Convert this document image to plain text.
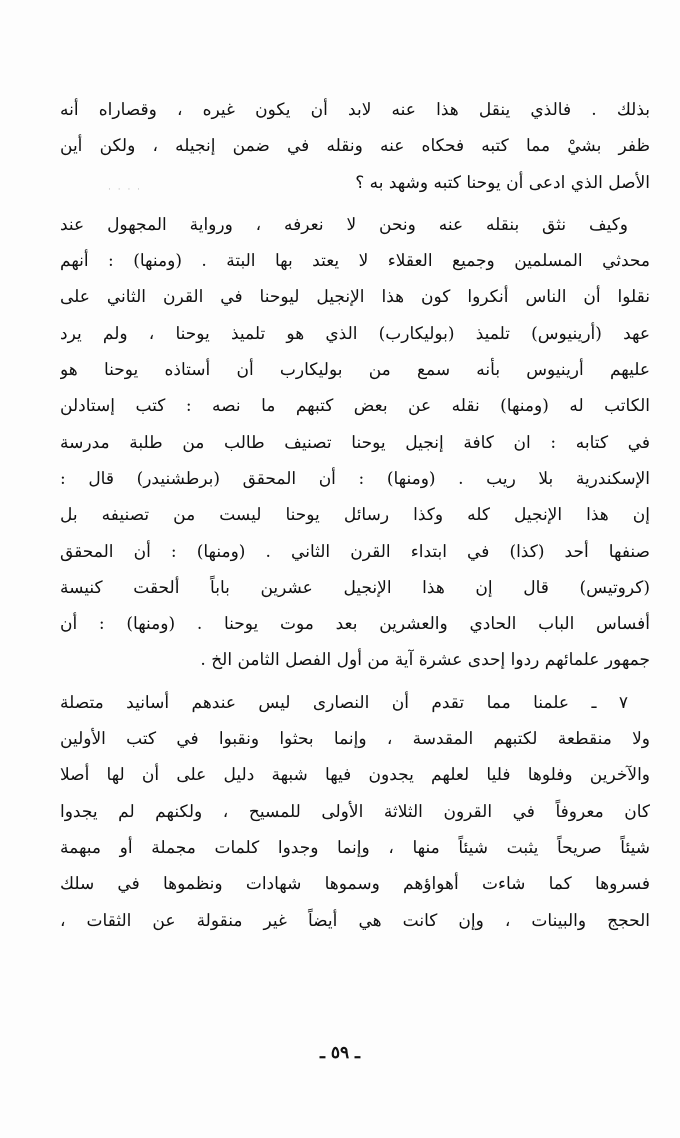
بذلك . فالذي ينقل هذا عنه لابد أن يكون غيره ، وقصاراه أنه
ظفر بشيْ مما كتبه فحكاه عنه ونقله في ضمن إنجيله ، ولكن أين
الأصل الذي ادعى أن يوحنا كتبه وشهد به ؟
وكيف نثق بنقله عنه ونحن لا نعرفه ، ورواية المجهول عند
محدثي المسلمين وجميع العقلاء لا يعتد بها البتة . (ومنها) : أنهم
نقلوا أن الناس أنكروا كون هذا الإنجيل ليوحنا في القرن الثاني على
عهد (أرينيوس) تلميذ (بوليكارب) الذي هو تلميذ يوحنا ، ولم يرد
عليهم أرينيوس بأنه سمع من بوليكارب أن أستاذه يوحنا هو
الكاتب له (ومنها) نقله عن بعض كتبهم ما نصه : كتب إستادلن
في كتابه : ان كافة إنجيل يوحنا تصنيف طالب من طلبة مدرسة
الإسكندرية بلا ريب . (ومنها) : أن المحقق (برطشنيدر) قال :
إن هذا الإنجيل كله وكذا رسائل يوحنا ليست من تصنيفه بل
صنفها أحد (كذا) في ابتداء القرن الثاني . (ومنها) : أن المحقق
(كروتيس) قال إن هذا الإنجيل عشرين باباً ألحقت كنيسة
أفساس الباب الحادي والعشرين بعد موت يوحنا . (ومنها) : أن
جمهور علمائهم ردوا إحدى عشرة آية من أول الفصل الثامن الخ .
٧ ـ علمنا مما تقدم أن النصارى ليس عندهم أسانيد متصلة
ولا منقطعة لكتبهم المقدسة ، وإنما بحثوا ونقبوا في كتب الأولين
والآخرين وفلوها فليا لعلهم يجدون فيها شبهة دليل على أن لها أصلا
كان معروفاً في القرون الثلاثة الأولى للمسيح ، ولكنهم لم يجدوا
شيئاً صريحاً يثبت شيئاً منها ، وإنما وجدوا كلمات مجملة أو مبهمة
فسروها كما شاءت أهواؤهم وسموها شهادات ونظموها في سلك
الحجج والبينات ، وإن كانت هي أيضاً غير منقولة عن الثقات ،
· · · ·
ـ ٥٩ ـ
